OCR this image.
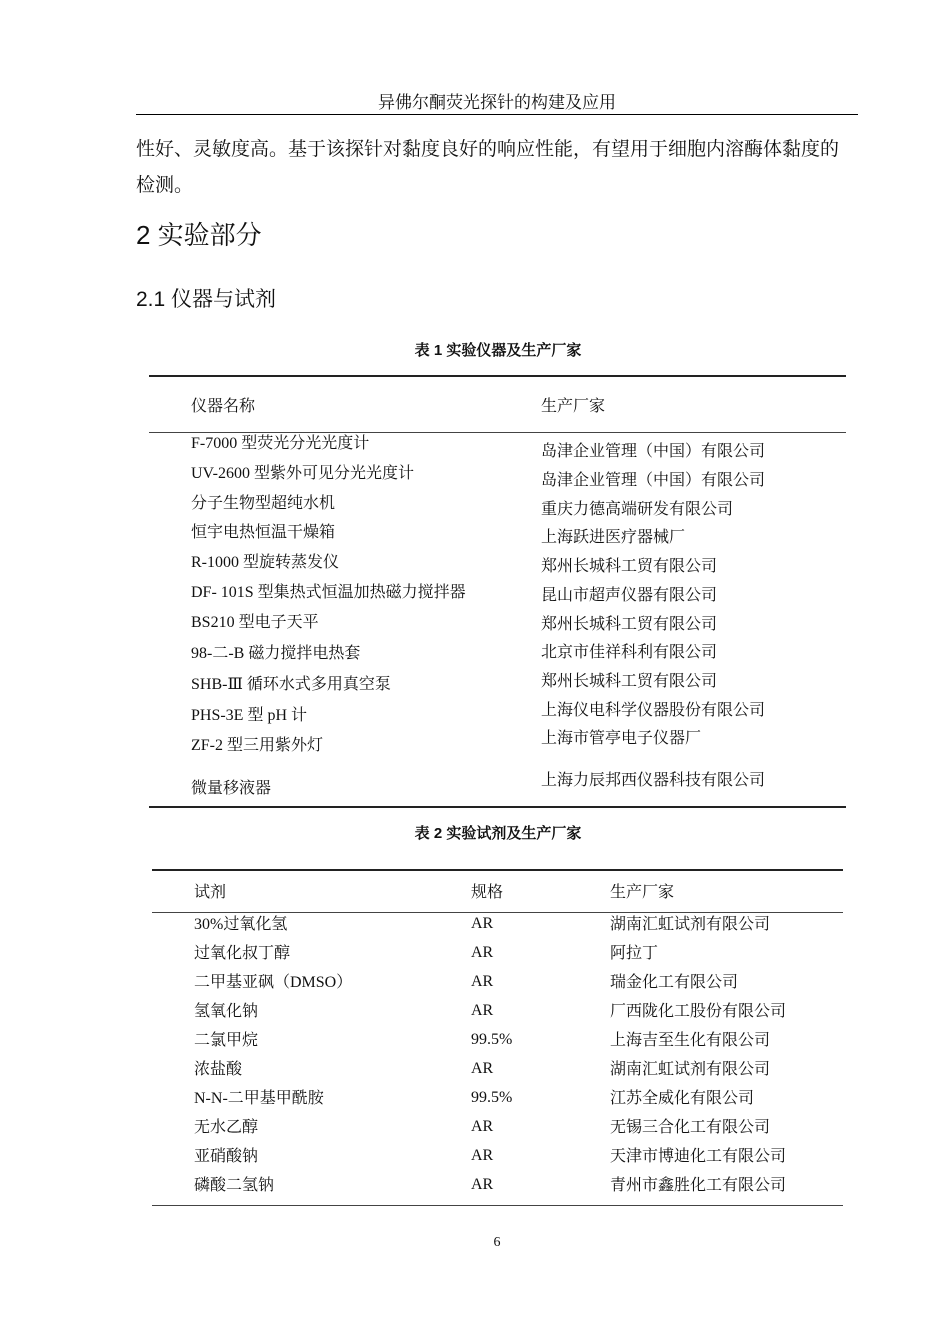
异佛尔酮荧光探针的构建及应用
性好、灵敏度高。基于该探针对黏度良好的响应性能，有望用于细胞内溶酶体黏度的
检测。
2 实验部分
2.1 仪器与试剂
表 1 实验仪器及生产厂家
仪器名称	生产厂家
F-7000 型荧光分光光度计	岛津企业管理（中国）有限公司
UV-2600 型紫外可见分光光度计	岛津企业管理（中国）有限公司
分子生物型超纯水机	重庆力德高端研发有限公司
恒宇电热恒温干燥箱	上海跃进医疗器械厂
R-1000 型旋转蒸发仪	郑州长城科工贸有限公司
DF- 101S 型集热式恒温加热磁力搅拌器	昆山市超声仪器有限公司
BS210 型电子天平	郑州长城科工贸有限公司
98-二-B 磁力搅拌电热套	北京市佳祥科利有限公司
SHB-Ⅲ 循环水式多用真空泵	郑州长城科工贸有限公司
PHS-3E 型 pH 计	上海仪电科学仪器股份有限公司
ZF-2 型三用紫外灯	上海市管亭电子仪器厂
微量移液器	上海力辰邦西仪器科技有限公司
表 2 实验试剂及生产厂家
试剂	规格	生产厂家
30%过氧化氢	AR	湖南汇虹试剂有限公司
过氧化叔丁醇	AR	阿拉丁
二甲基亚砜（DMSO）	AR	瑞金化工有限公司
氢氧化钠	AR	厂西陇化工股份有限公司
二氯甲烷	99.5%	上海吉至生化有限公司
浓盐酸	AR	湖南汇虹试剂有限公司
N-N-二甲基甲酰胺	99.5%	江苏全威化有限公司
无水乙醇	AR	无锡三合化工有限公司
亚硝酸钠	AR	天津市博迪化工有限公司
磷酸二氢钠	AR	青州市鑫胜化工有限公司
6
